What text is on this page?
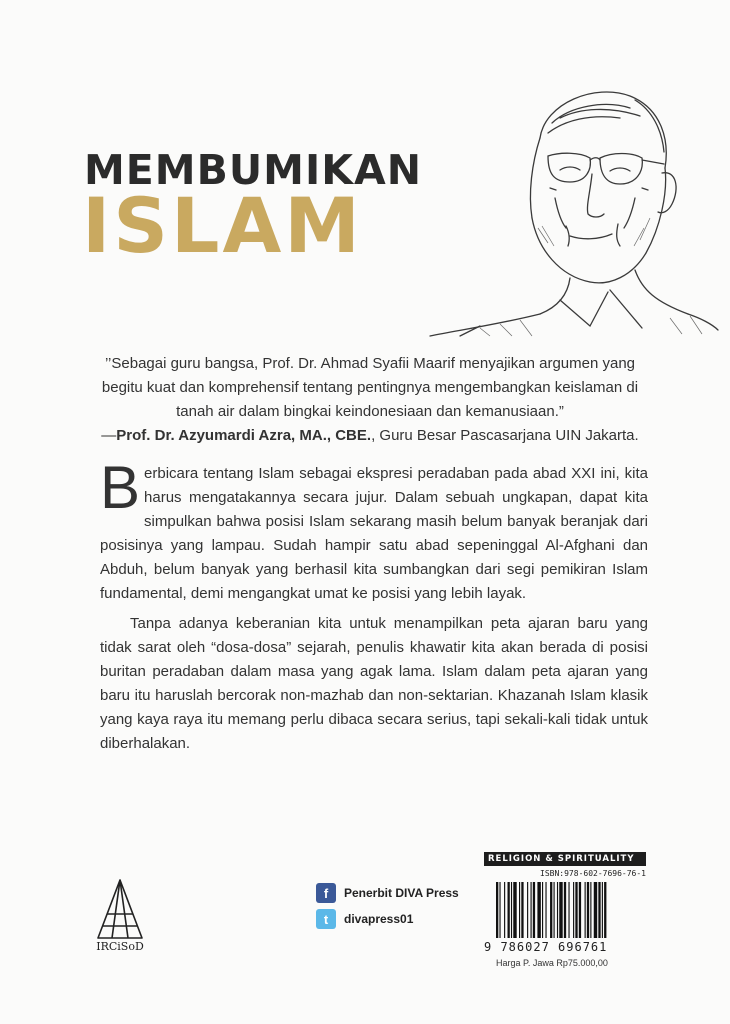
MEMBUMIKAN
ISLAM
’’Sebagai guru bangsa, Prof. Dr. Ahmad Syafii Maarif menyajikan argumen yang
begitu kuat dan komprehensif tentang pentingnya mengembangkan keislaman di
tanah air dalam bingkai keindonesiaan dan kemanusiaan.”
—Prof. Dr. Azyumardi Azra, MA., CBE., Guru Besar Pascasarjana UIN Jakarta.

Berbicara tentang Islam sebagai ekspresi peradaban pada abad XXI ini, kita harus mengatakannya secara jujur. Dalam sebuah ungkapan, dapat kita simpulkan bahwa posisi Islam sekarang masih belum banyak beranjak dari posisinya yang lampau. Sudah hampir satu abad sepeninggal Al-Afghani dan Abduh, belum banyak yang berhasil kita sumbangkan dari segi pemikiran Islam fundamental, demi mengangkat umat ke posisi yang lebih layak.

Tanpa adanya keberanian kita untuk menampilkan peta ajaran baru yang tidak sarat oleh “dosa-dosa” sejarah, penulis khawatir kita akan berada di posisi buritan peradaban dalam masa yang agak lama. Islam dalam peta ajaran yang baru itu haruslah bercorak non-mazhab dan non-sektarian. Khazanah Islam klasik yang kaya raya itu memang perlu dibaca secara serius, tapi sekali-kali tidak untuk diberhalakan.

IRCiSoD
f	Penerbit DIVA Press
t	divapress01
RELIGION & SPIRITUALITY
ISBN:978-602-7696-76-1
9 786027 696761
Harga P. Jawa Rp75.000,00
